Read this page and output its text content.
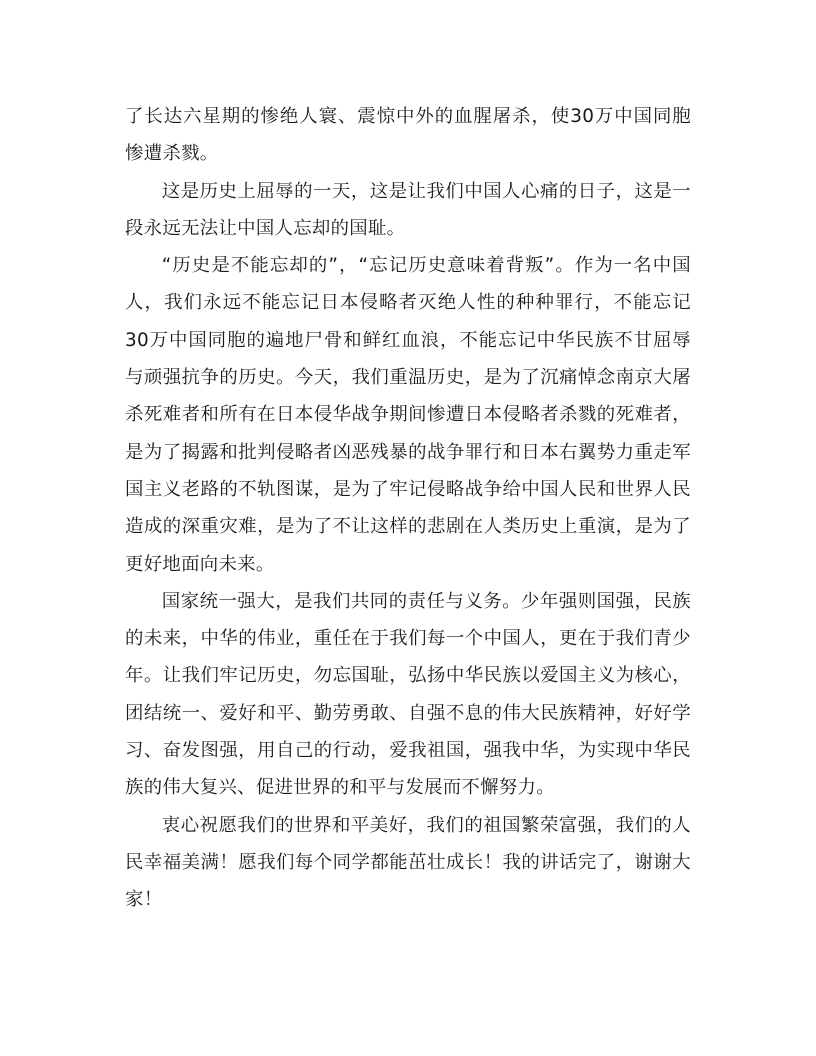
了长达六星期的惨绝人寰、震惊中外的血腥屠杀，使30万中国同胞惨遭杀戮。

这是历史上屈辱的一天，这是让我们中国人心痛的日子，这是一段永远无法让中国人忘却的国耻。

“历史是不能忘却的”，“忘记历史意味着背叛”。作为一名中国人，我们永远不能忘记日本侵略者灭绝人性的种种罪行，不能忘记30万中国同胞的遍地尸骨和鲜红血浪，不能忘记中华民族不甘屈辱与顽强抗争的历史。今天，我们重温历史，是为了沉痛悼念南京大屠杀死难者和所有在日本侵华战争期间惨遭日本侵略者杀戮的死难者，是为了揭露和批判侵略者凶恶残暴的战争罪行和日本右翼势力重走军国主义老路的不轨图谋，是为了牢记侵略战争给中国人民和世界人民造成的深重灾难，是为了不让这样的悲剧在人类历史上重演，是为了更好地面向未来。

国家统一强大，是我们共同的责任与义务。少年强则国强，民族的未来，中华的伟业，重任在于我们每一个中国人，更在于我们青少年。让我们牢记历史，勿忘国耻，弘扬中华民族以爱国主义为核心，团结统一、爱好和平、勤劳勇敢、自强不息的伟大民族精神，好好学习、奋发图强，用自己的行动，爱我祖国，强我中华，为实现中华民族的伟大复兴、促进世界的和平与发展而不懈努力。

衷心祝愿我们的世界和平美好，我们的祖国繁荣富强，我们的人民幸福美满！愿我们每个同学都能茁壮成长！我的讲话完了，谢谢大家！
